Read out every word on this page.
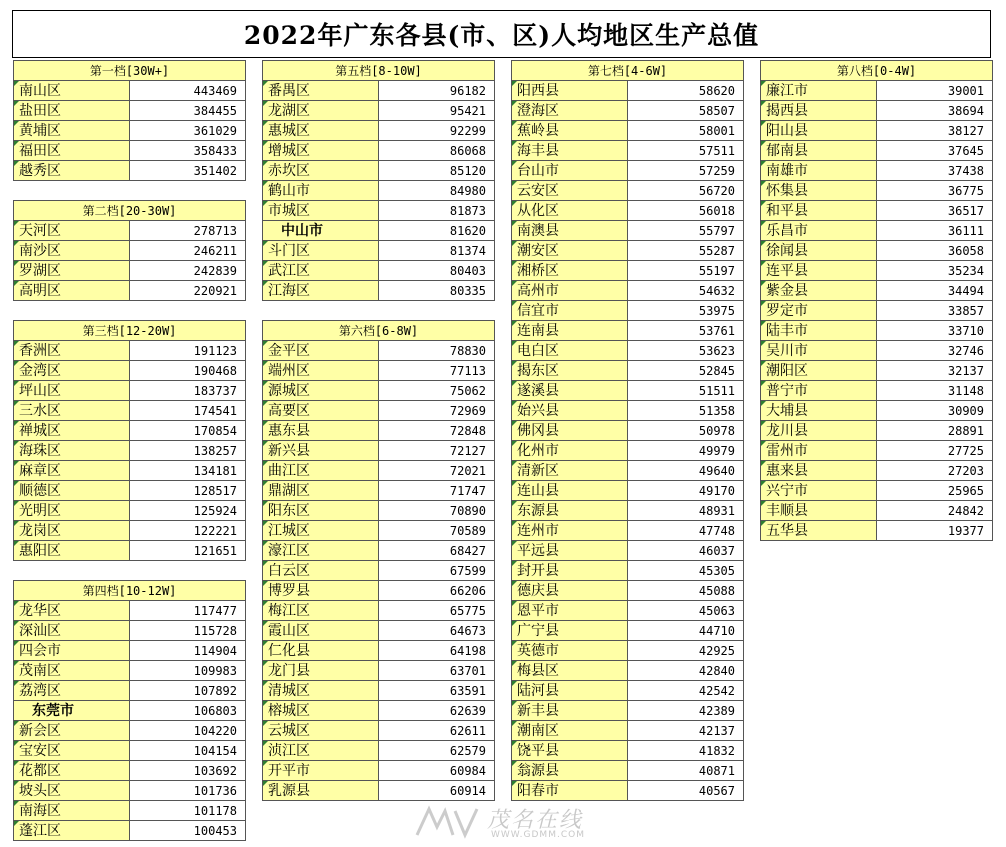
2022年广东各县(市、区)人均地区生产总值
第一档[30W+]	
南山区	443469
盐田区	384455
黄埔区	361029
福田区	358433
越秀区	351402
第二档[20-30W]	
天河区	278713
南沙区	246211
罗湖区	242839
高明区	220921
第三档[12-20W]	
香洲区	191123
金湾区	190468
坪山区	183737
三水区	174541
禅城区	170854
海珠区	138257
麻章区	134181
顺德区	128517
光明区	125924
龙岗区	122221
惠阳区	121651
第四档[10-12W]	
龙华区	117477
深汕区	115728
四会市	114904
茂南区	109983
荔湾区	107892
东莞市	106803
新会区	104220
宝安区	104154
花都区	103692
坡头区	101736
南海区	101178
蓬江区	100453
第五档[8-10W]	
番禺区	96182
龙湖区	95421
惠城区	92299
增城区	86068
赤坎区	85120
鹤山市	84980
市城区	81873
中山市	81620
斗门区	81374
武江区	80403
江海区	80335
第六档[6-8W]	
金平区	78830
端州区	77113
源城区	75062
高要区	72969
惠东县	72848
新兴县	72127
曲江区	72021
鼎湖区	71747
阳东区	70890
江城区	70589
濠江区	68427
白云区	67599
博罗县	66206
梅江区	65775
霞山区	64673
仁化县	64198
龙门县	63701
清城区	63591
榕城区	62639
云城区	62611
浈江区	62579
开平市	60984
乳源县	60914
第七档[4-6W]	
阳西县	58620
澄海区	58507
蕉岭县	58001
海丰县	57511
台山市	57259
云安区	56720
从化区	56018
南澳县	55797
潮安区	55287
湘桥区	55197
高州市	54632
信宜市	53975
连南县	53761
电白区	53623
揭东区	52845
遂溪县	51511
始兴县	51358
佛冈县	50978
化州市	49979
清新区	49640
连山县	49170
东源县	48931
连州市	47748
平远县	46037
封开县	45305
德庆县	45088
恩平市	45063
广宁县	44710
英德市	42925
梅县区	42840
陆河县	42542
新丰县	42389
潮南区	42137
饶平县	41832
翁源县	40871
阳春市	40567
第八档[0-4W]	
廉江市	39001
揭西县	38694
阳山县	38127
郁南县	37645
南雄市	37438
怀集县	36775
和平县	36517
乐昌市	36111
徐闻县	36058
连平县	35234
紫金县	34494
罗定市	33857
陆丰市	33710
吴川市	32746
潮阳区	32137
普宁市	31148
大埔县	30909
龙川县	28891
雷州市	27725
惠来县	27203
兴宁市	25965
丰顺县	24842
五华县	19377
茂名在线
WWW.GDMM.COM
